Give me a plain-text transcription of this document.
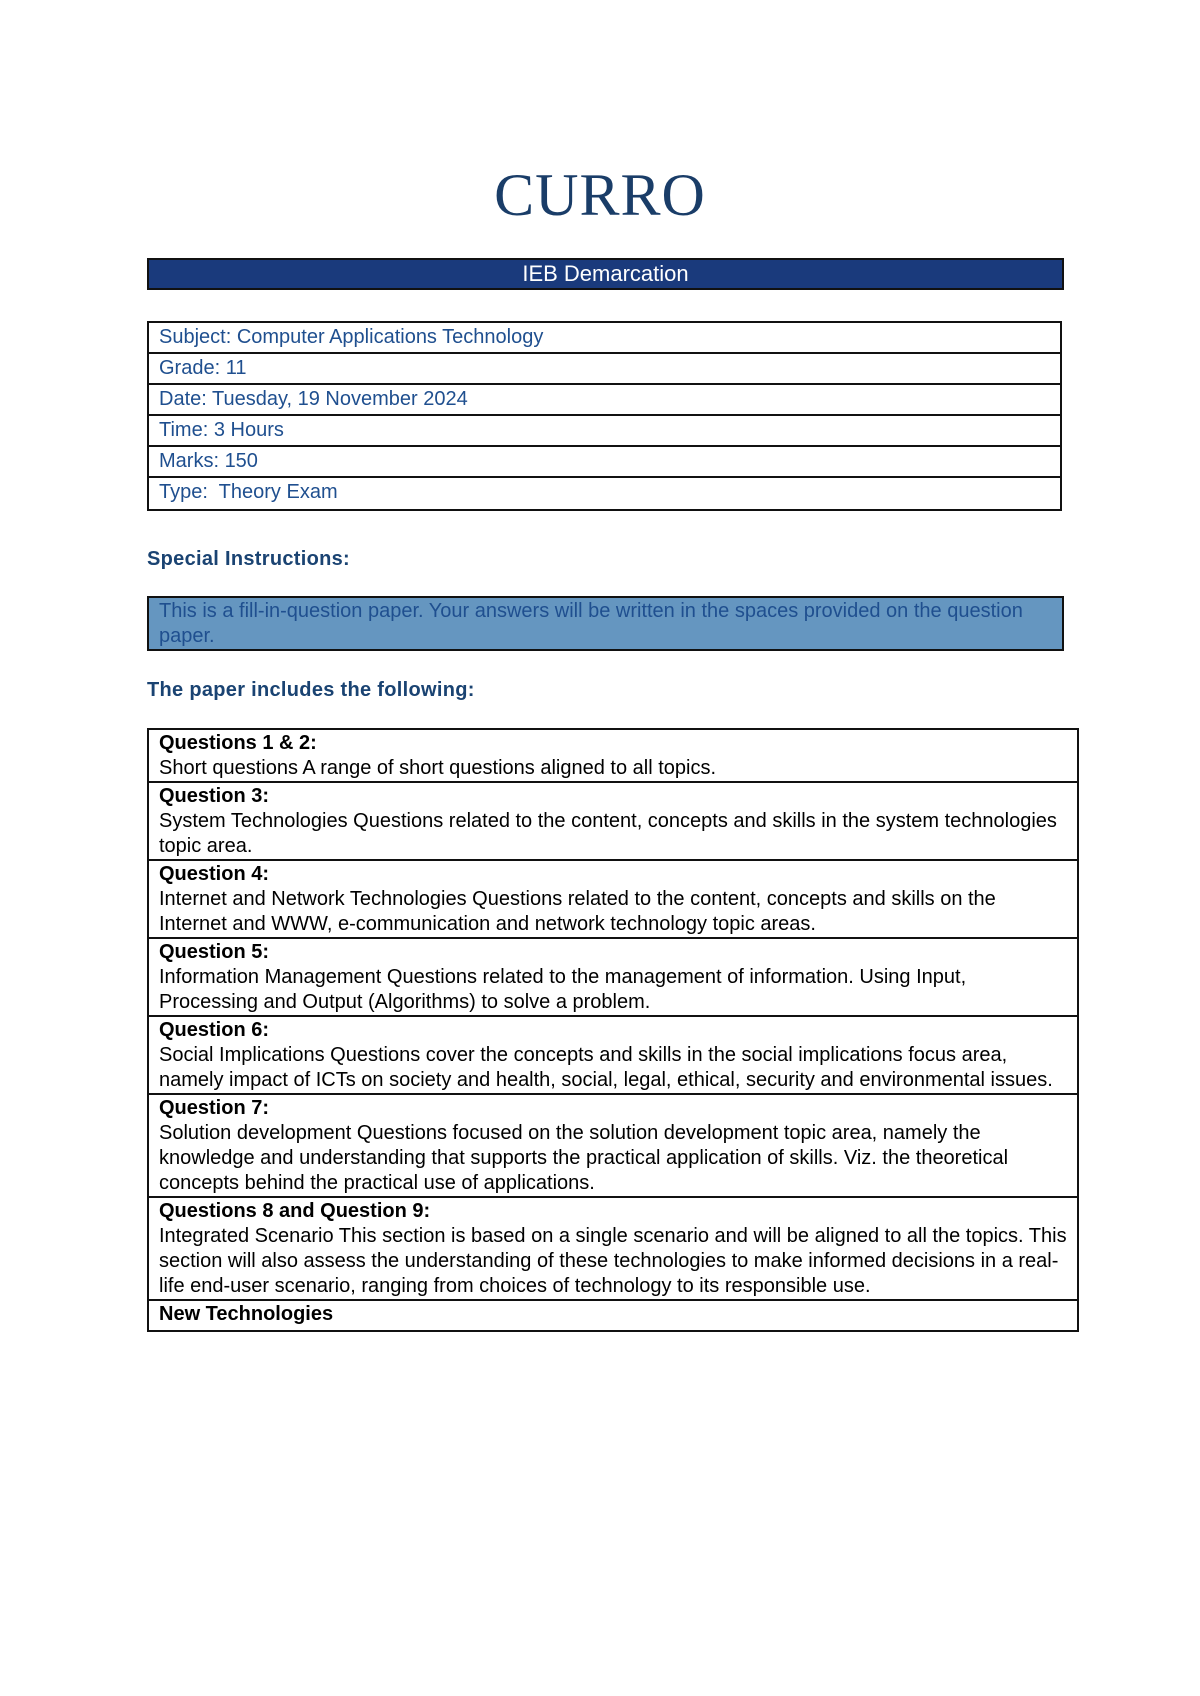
CURRO
IEB Demarcation
Subject: Computer Applications Technology
Grade: 11
Date: Tuesday, 19 November 2024
Time: 3 Hours
Marks: 150
Type:  Theory Exam
Special Instructions:
This is a fill-in-question paper. Your answers will be written in the spaces provided on the question paper.
The paper includes the following:
Questions 1 & 2:
Short questions A range of short questions aligned to all topics.
Question 3:
System Technologies Questions related to the content, concepts and skills in the system technologies topic area.
Question 4:
Internet and Network Technologies Questions related to the content, concepts and skills on the Internet and WWW, e-communication and network technology topic areas.
Question 5:
Information Management Questions related to the management of information. Using Input, Processing and Output (Algorithms) to solve a problem.
Question 6:
Social Implications Questions cover the concepts and skills in the social implications focus area, namely impact of ICTs on society and health, social, legal, ethical, security and environmental issues.
Question 7:
Solution development Questions focused on the solution development topic area, namely the knowledge and understanding that supports the practical application of skills. Viz. the theoretical concepts behind the practical use of applications.
Questions 8 and Question 9:
Integrated Scenario This section is based on a single scenario and will be aligned to all the topics. This section will also assess the understanding of these technologies to make informed decisions in a real-life end-user scenario, ranging from choices of technology to its responsible use.
New Technologies
